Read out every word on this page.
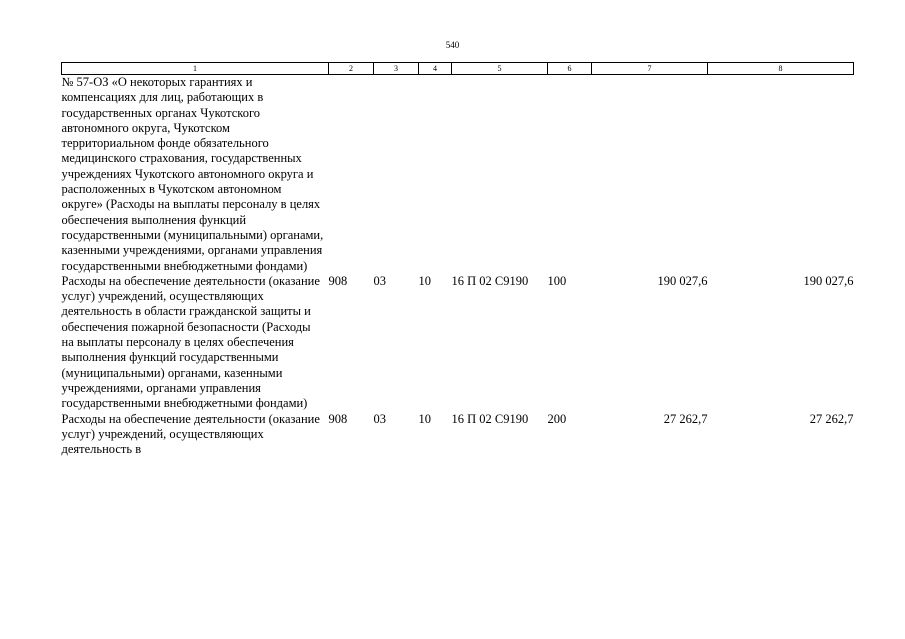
540
1	2	3	4	5	6	7	8
№ 57-ОЗ «О некоторых гарантиях и компенсациях для лиц, работающих в государственных органах Чукотского автономного округа, Чукотском территориальном фонде обязательного медицинского страхования, государственных учреждениях Чукотского автономного округа и расположенных в Чукотском автономном округе» (Расходы на выплаты персоналу в целях обеспечения выполнения функций государственными (муниципальными) органами, казенными учреждениями, органами управления государственными внебюджетными фондами)							
Расходы на обеспечение деятельности (оказание услуг) учреждений, осуществляющих деятельность в области гражданской защиты и обеспечения пожарной безопасности (Расходы на выплаты персоналу в целях обеспечения выполнения функций государственными (муниципальными) органами, казенными учреждениями, органами управления государственными внебюджетными фондами)	908	03	10	16 П 02 С9190	100	190 027,6	190 027,6
Расходы на обеспечение деятельности (оказание услуг) учреждений, осуществляющих деятельность в	908	03	10	16 П 02 С9190	200	27 262,7	27 262,7
